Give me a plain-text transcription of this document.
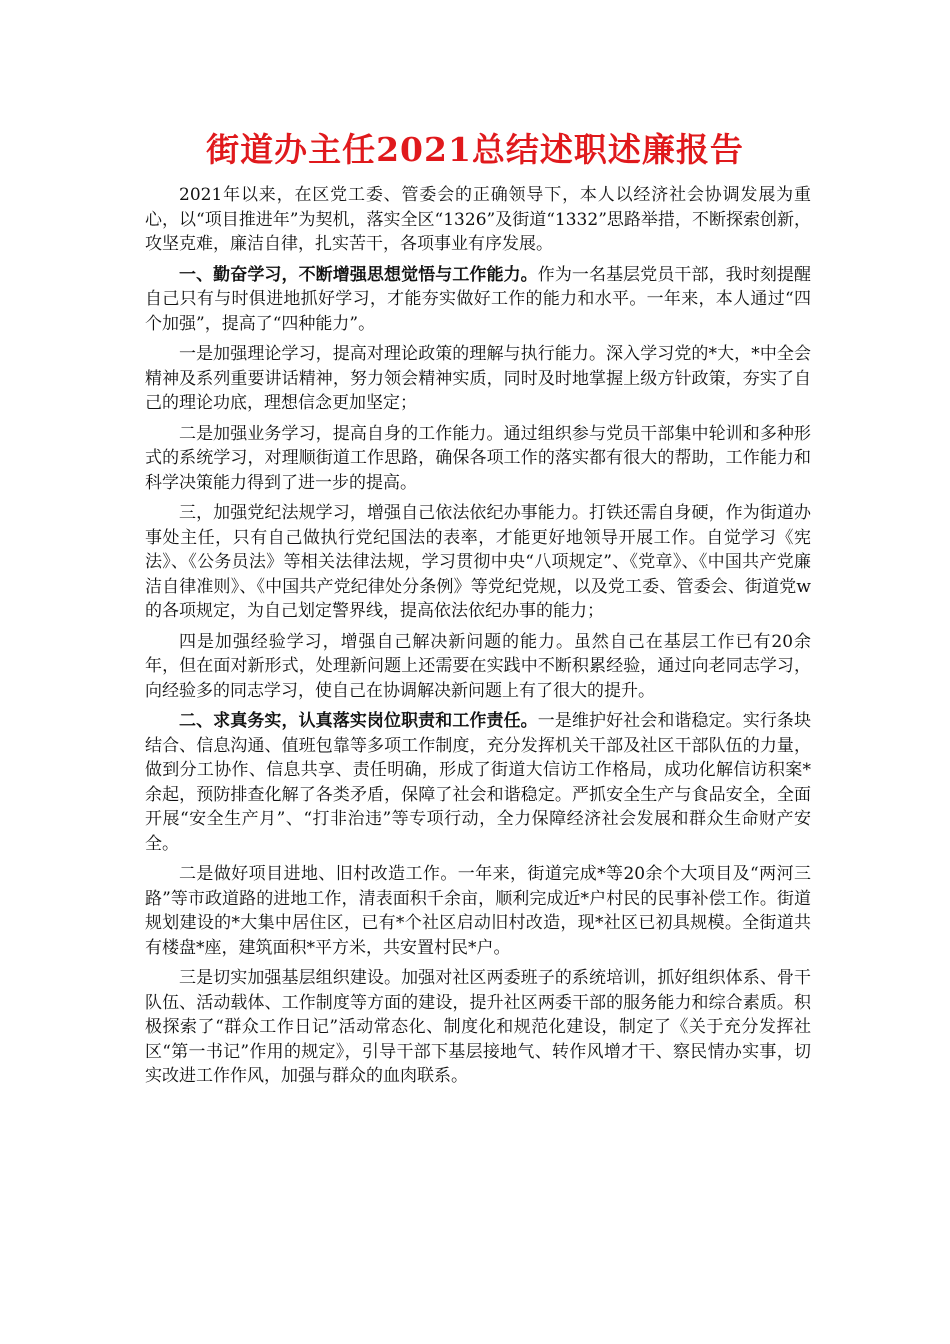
街道办主任2021总结述职述廉报告

2021年以来，在区党工委、管委会的正确领导下，本人以经济社会协调发展为重心，以“项目推进年”为契机，落实全区“1326”及街道“1332”思路举措，不断探索创新，攻坚克难，廉洁自律，扎实苦干，各项事业有序发展。

一、勤奋学习，不断增强思想觉悟与工作能力。作为一名基层党员干部，我时刻提醒自己只有与时俱进地抓好学习，才能夯实做好工作的能力和水平。一年来，本人通过“四个加强”，提高了“四种能力”。

一是加强理论学习，提高对理论政策的理解与执行能力。深入学习党的*大，*中全会精神及系列重要讲话精神，努力领会精神实质，同时及时地掌握上级方针政策，夯实了自己的理论功底，理想信念更加坚定；

二是加强业务学习，提高自身的工作能力。通过组织参与党员干部集中轮训和多种形式的系统学习，对理顺街道工作思路，确保各项工作的落实都有很大的帮助，工作能力和科学决策能力得到了进一步的提高。

三，加强党纪法规学习，增强自己依法依纪办事能力。打铁还需自身硬，作为街道办事处主任，只有自己做执行党纪国法的表率，才能更好地领导开展工作。自觉学习《宪法》、《公务员法》等相关法律法规，学习贯彻中央“八项规定”、《党章》、《中国共产党廉洁自律准则》、《中国共产党纪律处分条例》等党纪党规，以及党工委、管委会、街道党w的各项规定，为自己划定警界线，提高依法依纪办事的能力；

四是加强经验学习，增强自己解决新问题的能力。虽然自己在基层工作已有20余年，但在面对新形式，处理新问题上还需要在实践中不断积累经验，通过向老同志学习，向经验多的同志学习，使自己在协调解决新问题上有了很大的提升。

二、求真务实，认真落实岗位职责和工作责任。一是维护好社会和谐稳定。实行条块结合、信息沟通、值班包靠等多项工作制度，充分发挥机关干部及社区干部队伍的力量，做到分工协作、信息共享、责任明确，形成了街道大信访工作格局，成功化解信访积案*余起，预防排查化解了各类矛盾，保障了社会和谐稳定。严抓安全生产与食品安全，全面开展“安全生产月”、“打非治违”等专项行动，全力保障经济社会发展和群众生命财产安全。

二是做好项目进地、旧村改造工作。一年来，街道完成*等20余个大项目及“两河三路”等市政道路的进地工作，清表面积千余亩，顺利完成近*户村民的民事补偿工作。街道规划建设的*大集中居住区，已有*个社区启动旧村改造，现*社区已初具规模。全街道共有楼盘*座，建筑面积*平方米，共安置村民*户。

三是切实加强基层组织建设。加强对社区两委班子的系统培训，抓好组织体系、骨干队伍、活动载体、工作制度等方面的建设，提升社区两委干部的服务能力和综合素质。积极探索了“群众工作日记”活动常态化、制度化和规范化建设，制定了《关于充分发挥社区“第一书记”作用的规定》，引导干部下基层接地气、转作风增才干、察民情办实事，切实改进工作作风，加强与群众的血肉联系。
